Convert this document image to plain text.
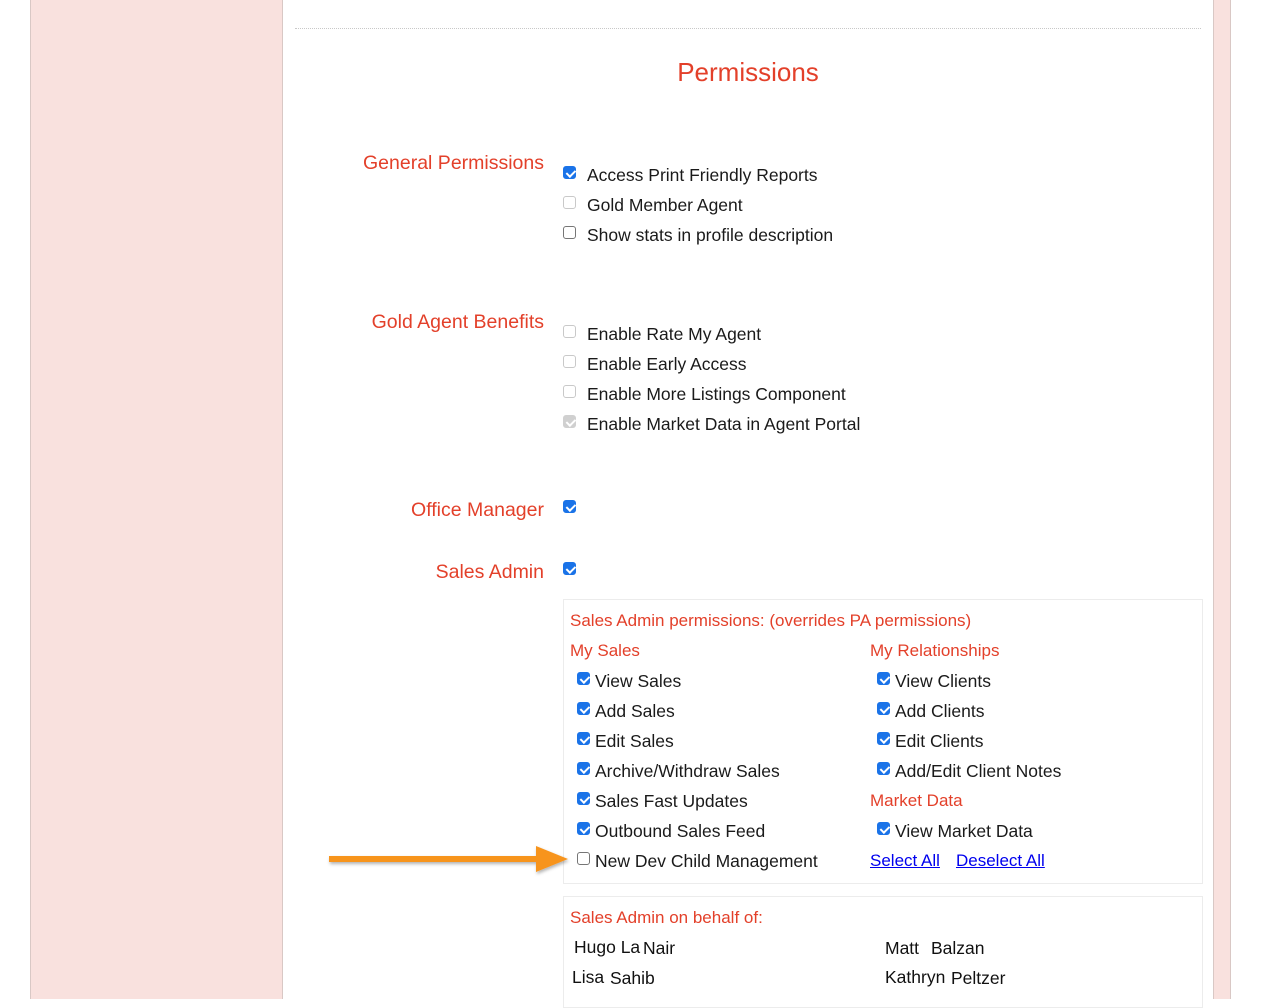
Permissions
General Permissions
Access Print Friendly Reports
Gold Member Agent
Show stats in profile description
Gold Agent Benefits
Enable Rate My Agent
Enable Early Access
Enable More Listings Component
Enable Market Data in Agent Portal
Office Manager
Sales Admin
Sales Admin permissions: (overrides PA permissions)
My Sales
View Sales
Add Sales
Edit Sales
Archive/Withdraw Sales
Sales Fast Updates
Outbound Sales Feed
New Dev Child Management
My Relationships
View Clients
Add Clients
Edit Clients
Add/Edit Client Notes
Market Data
View Market Data
Select All Deselect All
Sales Admin on behalf of:
Hugo La Nair	Matt Balzan
Lisa Sahib	Kathryn Peltzer
